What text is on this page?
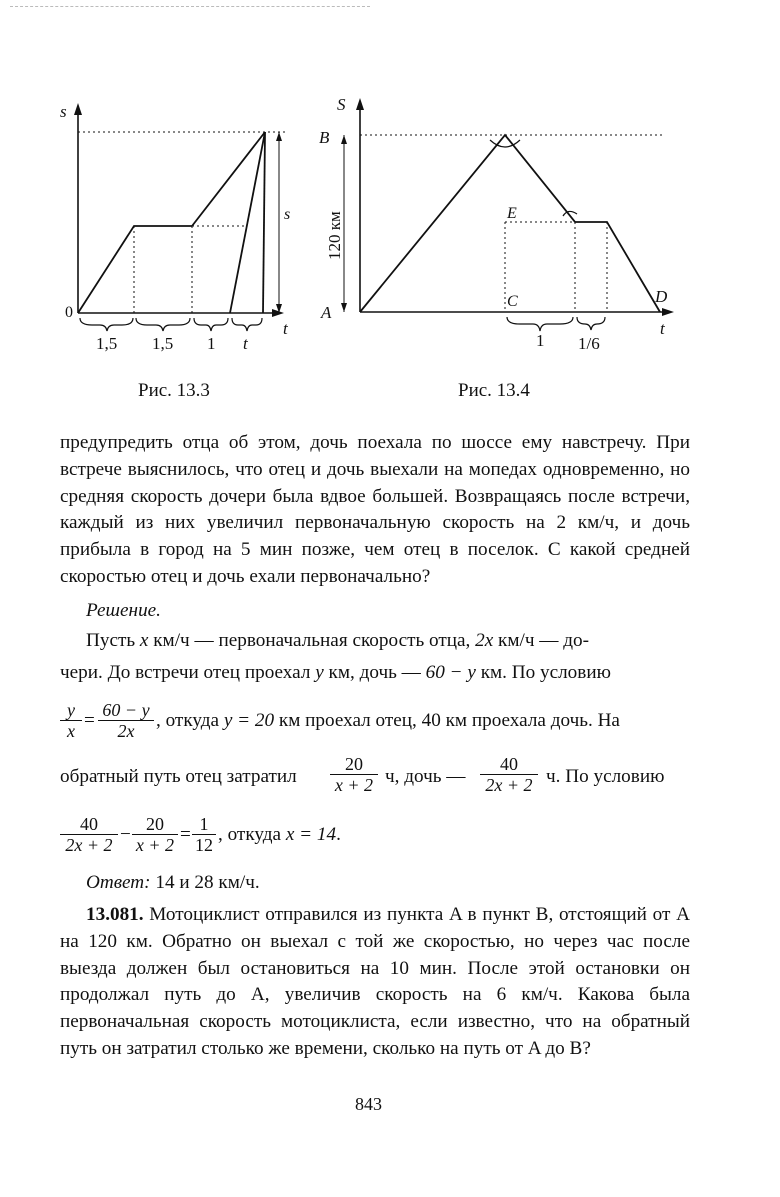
s
t
0
s
1,5 1,5 1 t
S
t
B
A
120 км	E
C	D
1 1/6
Рис. 13.3	Рис. 13.4
предупредить отца об этом, дочь поехала по шоссе ему навстречу. При встрече выяснилось, что отец и дочь выехали на мопедах одновременно, но средняя скорость дочери была вдвое большей. Возвращаясь после встречи, каждый из них увеличил первоначальную скорость на 2 км/ч, и дочь прибыла в город на 5 мин позже, чем отец в поселок. С какой средней скоростью отец и дочь ехали первоначально?
Решение.
Пусть x км/ч — первоначальная скорость отца, 2x км/ч — до-
чери. До встречи отец проехал y км, дочь — 60 − y км. По условию
y
x = 60 − y
2x	, откуда y = 20 км проехал отец, 40 км проехала дочь. На
обратный путь отец затратил
20
x + 2 ч, дочь —
40
2x + 2 ч. По условию
40
2x + 2 − 20
x + 2 = 1
12 , откуда x = 14.
Ответ: 14 и 28 км/ч.
13.081. Мотоциклист отправился из пункта A в пункт B, отстоящий от A на 120 км. Обратно он выехал с той же скоростью, но через час после выезда должен был остановиться на 10 мин. После этой остановки он продолжал путь до A, увеличив скорость на 6 км/ч. Какова была первоначальная скорость мотоциклиста, если известно, что на обратный путь он затратил столько же времени, сколько на путь от A до B?
843
